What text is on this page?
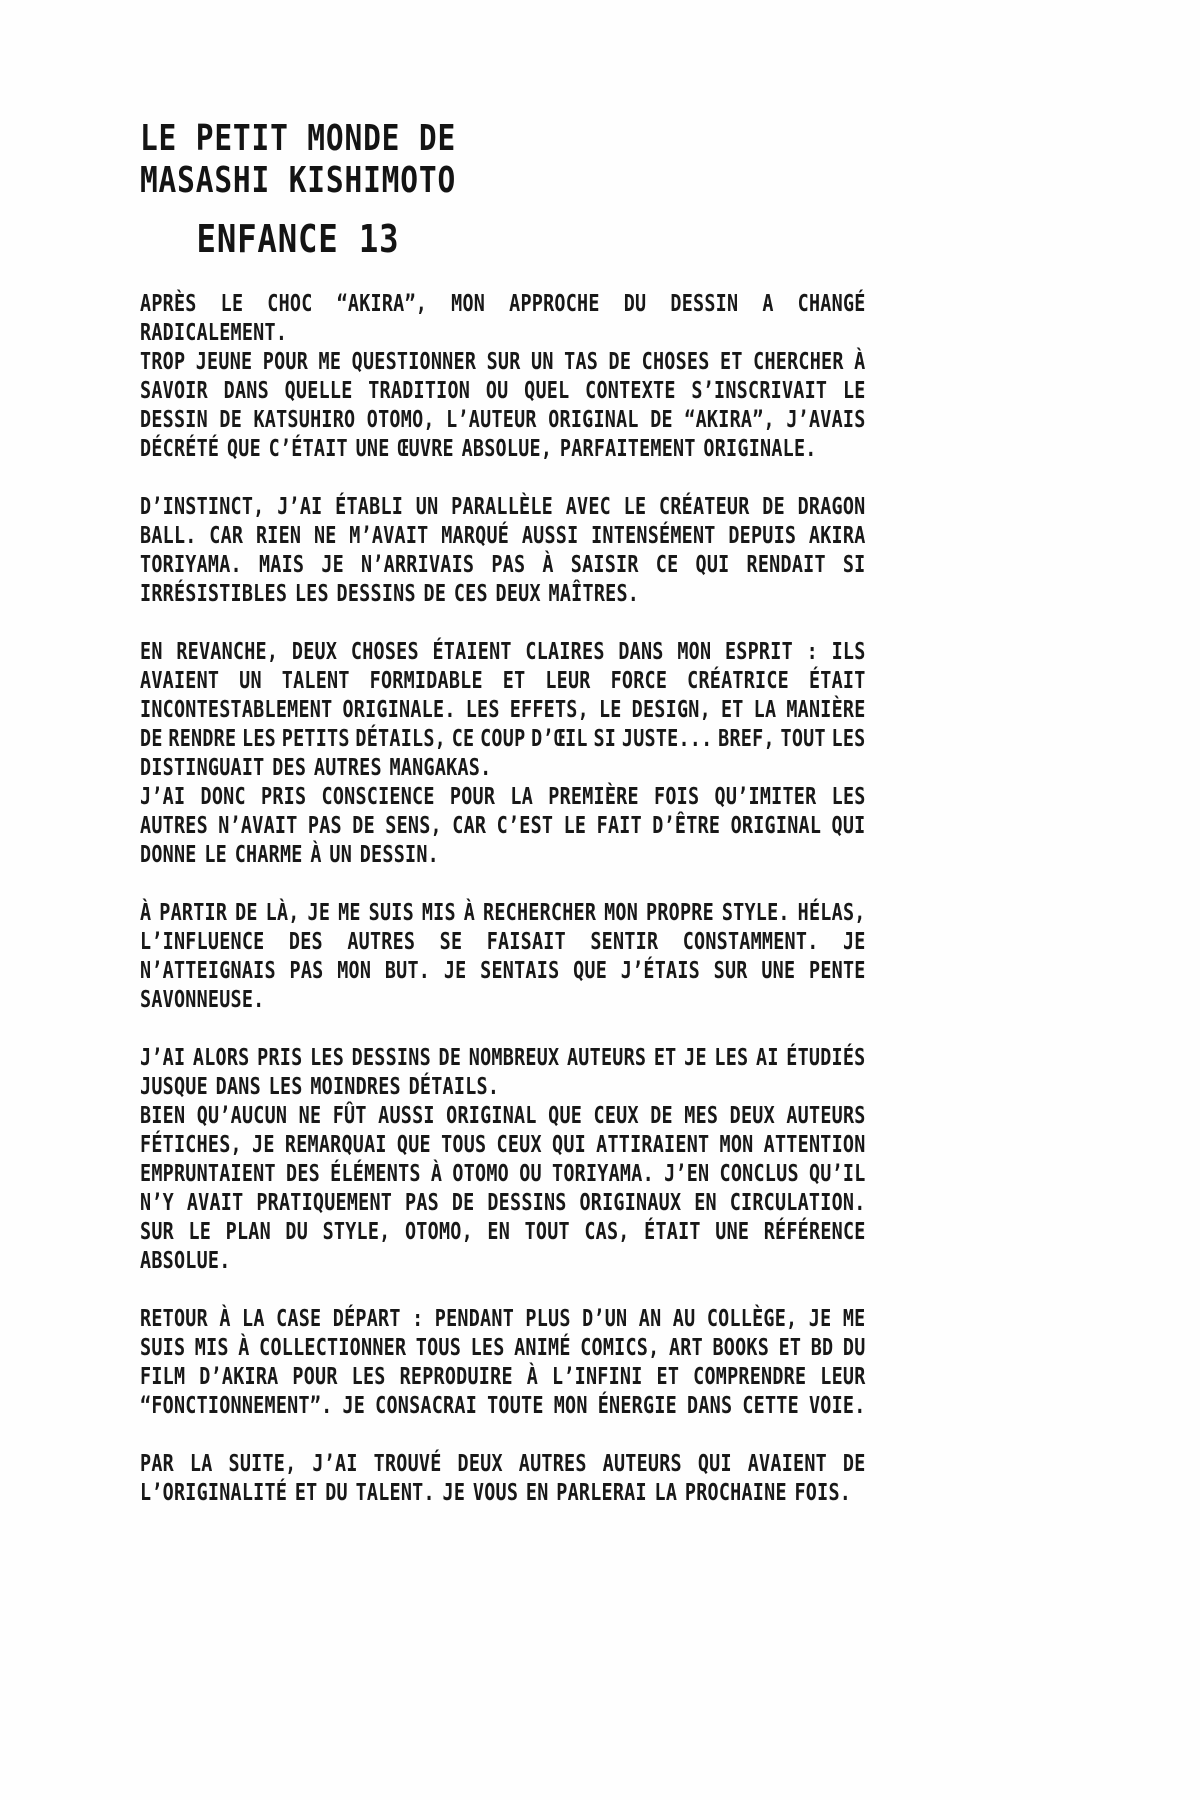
LE PETIT MONDE DE
MASASHI KISHIMOTO
ENFANCE 13
APRÈS LE CHOC “AKIRA”, MON APPROCHE DU DESSIN A CHANGÉ
RADICALEMENT.
TROP JEUNE POUR ME QUESTIONNER SUR UN TAS DE CHOSES ET CHERCHER À
SAVOIR DANS QUELLE TRADITION OU QUEL CONTEXTE S’INSCRIVAIT LE
DESSIN DE KATSUHIRO OTOMO, L’AUTEUR ORIGINAL DE “AKIRA”, J’AVAIS
DÉCRÉTÉ QUE C’ÉTAIT UNE ŒUVRE ABSOLUE, PARFAITEMENT ORIGINALE.
D’INSTINCT, J’AI ÉTABLI UN PARALLÈLE AVEC LE CRÉATEUR DE DRAGON
BALL. CAR RIEN NE M’AVAIT MARQUÉ AUSSI INTENSÉMENT DEPUIS AKIRA
TORIYAMA. MAIS JE N’ARRIVAIS PAS À SAISIR CE QUI RENDAIT SI
IRRÉSISTIBLES LES DESSINS DE CES DEUX MAÎTRES.
EN REVANCHE, DEUX CHOSES ÉTAIENT CLAIRES DANS MON ESPRIT : ILS
AVAIENT UN TALENT FORMIDABLE ET LEUR FORCE CRÉATRICE ÉTAIT
INCONTESTABLEMENT ORIGINALE. LES EFFETS, LE DESIGN, ET LA MANIÈRE
DE RENDRE LES PETITS DÉTAILS, CE COUP D’ŒIL SI JUSTE... BREF, TOUT LES
DISTINGUAIT DES AUTRES MANGAKAS.
J’AI DONC PRIS CONSCIENCE POUR LA PREMIÈRE FOIS QU’IMITER LES
AUTRES N’AVAIT PAS DE SENS, CAR C’EST LE FAIT D’ÊTRE ORIGINAL QUI
DONNE LE CHARME À UN DESSIN.
À PARTIR DE LÀ, JE ME SUIS MIS À RECHERCHER MON PROPRE STYLE. HÉLAS,
L’INFLUENCE DES AUTRES SE FAISAIT SENTIR CONSTAMMENT. JE
N’ATTEIGNAIS PAS MON BUT. JE SENTAIS QUE J’ÉTAIS SUR UNE PENTE
SAVONNEUSE.
J’AI ALORS PRIS LES DESSINS DE NOMBREUX AUTEURS ET JE LES AI ÉTUDIÉS
JUSQUE DANS LES MOINDRES DÉTAILS.
BIEN QU’AUCUN NE FÛT AUSSI ORIGINAL QUE CEUX DE MES DEUX AUTEURS
FÉTICHES, JE REMARQUAI QUE TOUS CEUX QUI ATTIRAIENT MON ATTENTION
EMPRUNTAIENT DES ÉLÉMENTS À OTOMO OU TORIYAMA. J’EN CONCLUS QU’IL
N’Y AVAIT PRATIQUEMENT PAS DE DESSINS ORIGINAUX EN CIRCULATION.
SUR LE PLAN DU STYLE, OTOMO, EN TOUT CAS, ÉTAIT UNE RÉFÉRENCE
ABSOLUE.
RETOUR À LA CASE DÉPART : PENDANT PLUS D’UN AN AU COLLÈGE, JE ME
SUIS MIS À COLLECTIONNER TOUS LES ANIMÉ COMICS, ART BOOKS ET BD DU
FILM D’AKIRA POUR LES REPRODUIRE À L’INFINI ET COMPRENDRE LEUR
“FONCTIONNEMENT”. JE CONSACRAI TOUTE MON ÉNERGIE DANS CETTE VOIE.
PAR LA SUITE, J’AI TROUVÉ DEUX AUTRES AUTEURS QUI AVAIENT DE
L’ORIGINALITÉ ET DU TALENT. JE VOUS EN PARLERAI LA PROCHAINE FOIS.
